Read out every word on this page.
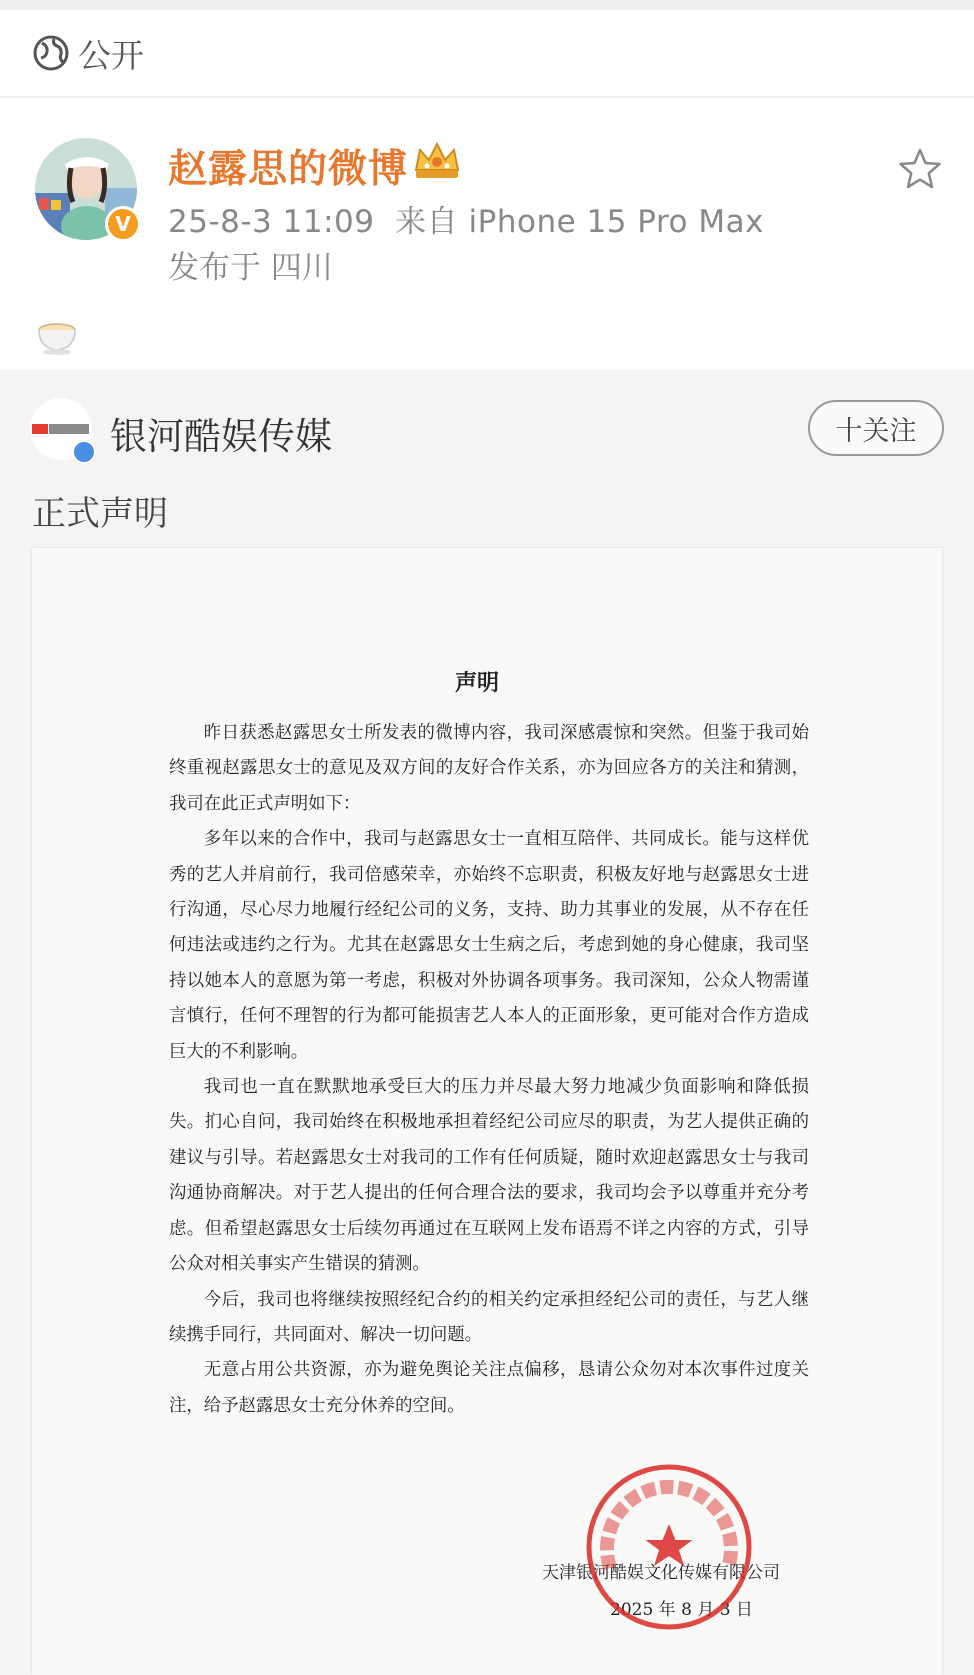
公开
V
赵露思的微博
25-8-3 11:09  来自 iPhone 15 Pro Max
发布于 四川
银河酷娱传媒	十关注
正式声明
声明

昨日获悉赵露思女士所发表的微博内容，我司深感震惊和突然。但鉴于我司始终重视赵露思女士的意见及双方间的友好合作关系，亦为回应各方的关注和猜测，我司在此正式声明如下：

多年以来的合作中，我司与赵露思女士一直相互陪伴、共同成长。能与这样优秀的艺人并肩前行，我司倍感荣幸，亦始终不忘职责，积极友好地与赵露思女士进行沟通，尽心尽力地履行经纪公司的义务，支持、助力其事业的发展，从不存在任何违法或违约之行为。尤其在赵露思女士生病之后，考虑到她的身心健康，我司坚持以她本人的意愿为第一考虑，积极对外协调各项事务。我司深知，公众人物需谨言慎行，任何不理智的行为都可能损害艺人本人的正面形象，更可能对合作方造成巨大的不利影响。

我司也一直在默默地承受巨大的压力并尽最大努力地减少负面影响和降低损失。扪心自问，我司始终在积极地承担着经纪公司应尽的职责，为艺人提供正确的建议与引导。若赵露思女士对我司的工作有任何质疑，随时欢迎赵露思女士与我司沟通协商解决。对于艺人提出的任何合理合法的要求，我司均会予以尊重并充分考虑。但希望赵露思女士后续勿再通过在互联网上发布语焉不详之内容的方式，引导公众对相关事实产生错误的猜测。

今后，我司也将继续按照经纪合约的相关约定承担经纪公司的责任，与艺人继续携手同行，共同面对、解决一切问题。

无意占用公共资源，亦为避免舆论关注点偏移，恳请公众勿对本次事件过度关注，给予赵露思女士充分休养的空间。

天津银河酷娱文化传媒有限公司
2025 年 8 月 3 日
